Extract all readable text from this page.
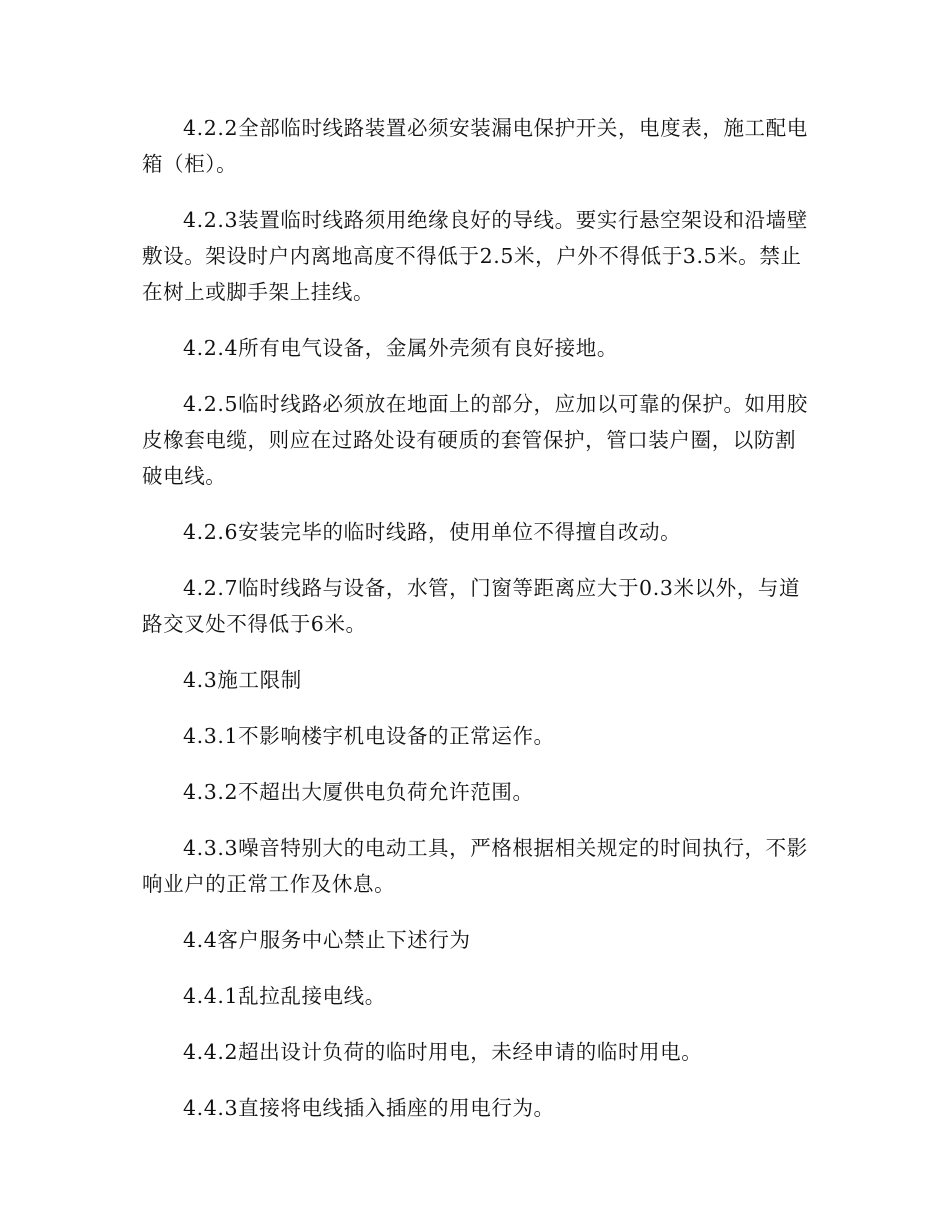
4.2.2全部临时线路装置必须安装漏电保护开关，电度表，施工配电箱（柜）。

4.2.3装置临时线路须用绝缘良好的导线。要实行悬空架设和沿墙壁敷设。架设时户内离地高度不得低于2.5米，户外不得低于3.5米。禁止在树上或脚手架上挂线。

4.2.4所有电气设备，金属外壳须有良好接地。

4.2.5临时线路必须放在地面上的部分，应加以可靠的保护。如用胶皮橡套电缆，则应在过路处设有硬质的套管保护，管口装户圈，以防割破电线。

4.2.6安装完毕的临时线路，使用单位不得擅自改动。

4.2.7临时线路与设备，水管，门窗等距离应大于0.3米以外，与道路交叉处不得低于6米。

4.3施工限制

4.3.1不影响楼宇机电设备的正常运作。

4.3.2不超出大厦供电负荷允许范围。

4.3.3噪音特别大的电动工具，严格根据相关规定的时间执行，不影响业户的正常工作及休息。

4.4客户服务中心禁止下述行为

4.4.1乱拉乱接电线。

4.4.2超出设计负荷的临时用电，未经申请的临时用电。

4.4.3直接将电线插入插座的用电行为。
